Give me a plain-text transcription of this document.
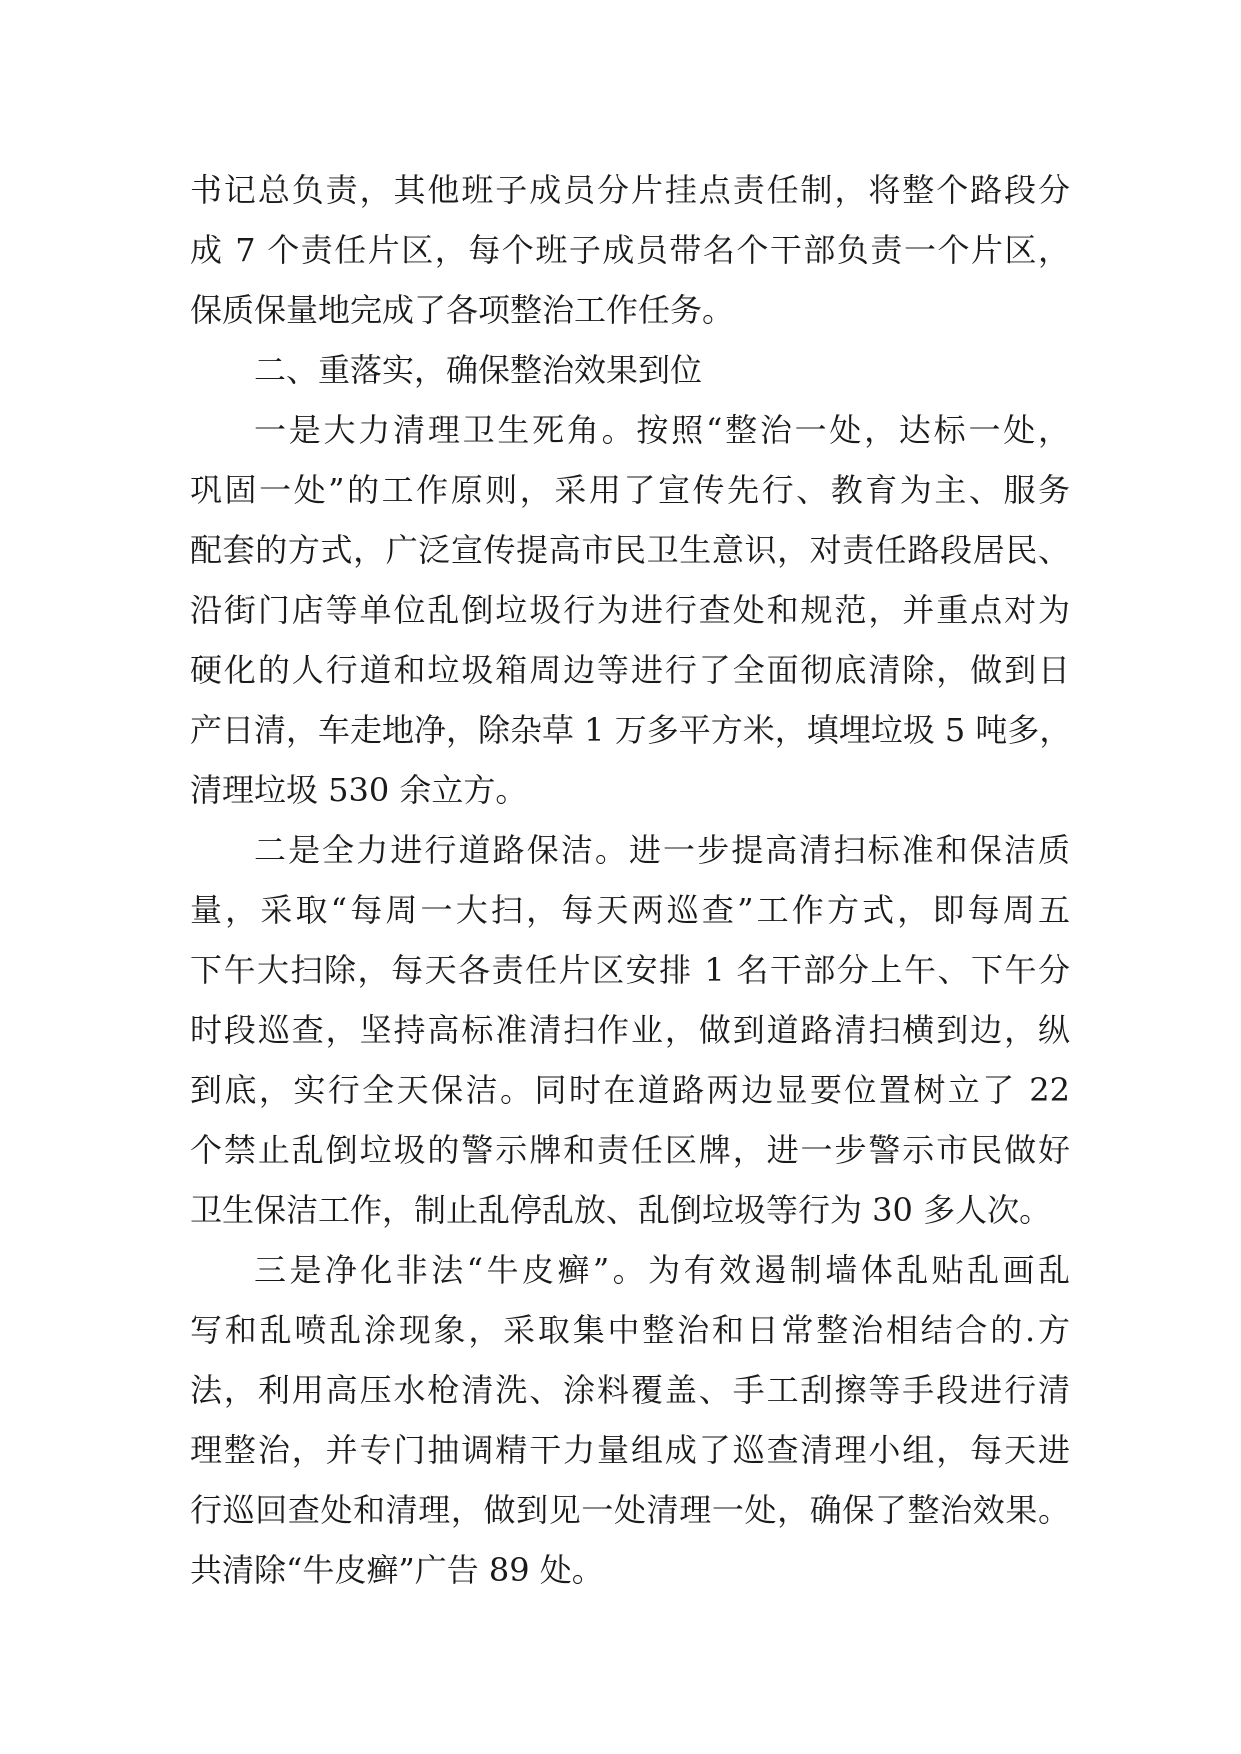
书记总负责，其他班子成员分片挂点责任制，将整个路段分
成 7 个责任片区，每个班子成员带名个干部负责一个片区，
保质保量地完成了各项整治工作任务。
二、重落实，确保整治效果到位
一是大力清理卫生死角。按照“整治一处，达标一处，
巩固一处”的工作原则，采用了宣传先行、教育为主、服务
配套的方式，广泛宣传提高市民卫生意识，对责任路段居民、
沿街门店等单位乱倒垃圾行为进行查处和规范，并重点对为
硬化的人行道和垃圾箱周边等进行了全面彻底清除，做到日
产日清，车走地净，除杂草 1 万多平方米，填埋垃圾 5 吨多，
清理垃圾 530 余立方。
二是全力进行道路保洁。进一步提高清扫标准和保洁质
量，采取“每周一大扫，每天两巡查”工作方式，即每周五
下午大扫除，每天各责任片区安排 1 名干部分上午、下午分
时段巡查，坚持高标准清扫作业，做到道路清扫横到边，纵
到底，实行全天保洁。同时在道路两边显要位置树立了 22
个禁止乱倒垃圾的警示牌和责任区牌，进一步警示市民做好
卫生保洁工作，制止乱停乱放、乱倒垃圾等行为 30 多人次。
三是净化非法“牛皮癣”。为有效遏制墙体乱贴乱画乱
写和乱喷乱涂现象，采取集中整治和日常整治相结合的.方
法，利用高压水枪清洗、涂料覆盖、手工刮擦等手段进行清
理整治，并专门抽调精干力量组成了巡查清理小组，每天进
行巡回查处和清理，做到见一处清理一处，确保了整治效果。
共清除“牛皮癣”广告 89 处。
